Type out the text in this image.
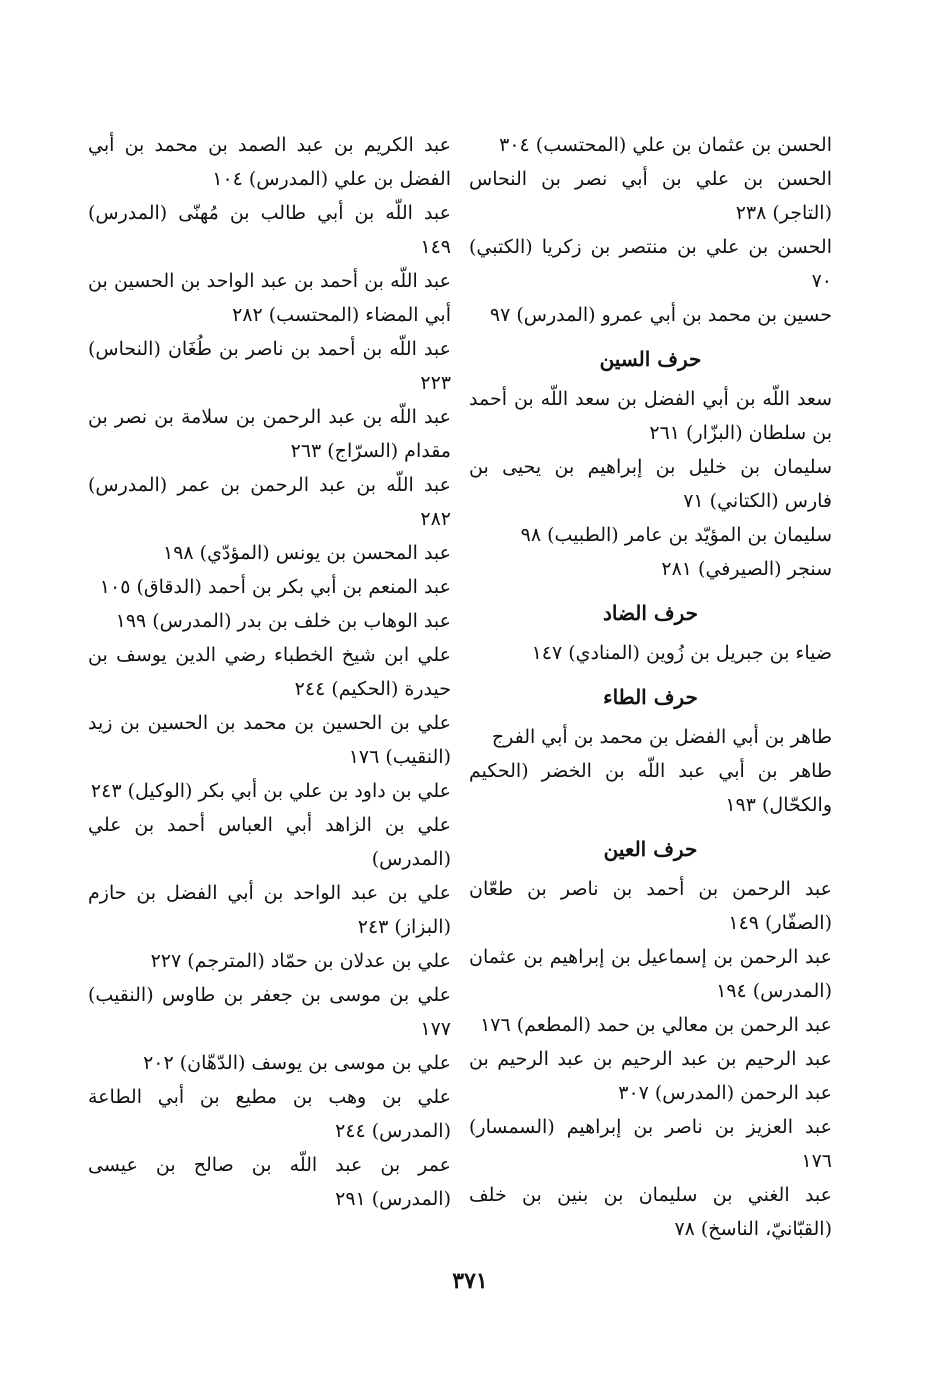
الحسن بن عثمان بن علي (المحتسب) ٣٠٤
الحسن بن علي بن أبي نصر بن النحاس (التاجر) ٢٣٨
الحسن بن علي بن منتصر بن زكريا (الكتبي) ٧٠
حسين بن محمد بن أبي عمرو (المدرس) ٩٧
حرف السين
سعد اللّه بن أبي الفضل بن سعد اللّه بن أحمد بن سلطان (البزّار) ٢٦١
سليمان بن خليل بن إبراهيم بن يحيى بن فارس (الكتاني) ٧١
سليمان بن المؤيّد بن عامر (الطبيب) ٩٨
سنجر (الصيرفي) ٢٨١
حرف الضاد
ضياء بن جبريل بن زُوين (المنادي) ١٤٧
حرف الطاء
طاهر بن أبي الفضل بن محمد بن أبي الفرج
طاهر بن أبي عبد اللّه بن الخضر (الحكيم والكحّال) ١٩٣
حرف العين
عبد الرحمن بن أحمد بن ناصر بن طعّان (الصفّار) ١٤٩
عبد الرحمن بن إسماعيل بن إبراهيم بن عثمان (المدرس) ١٩٤
عبد الرحمن بن معالي بن حمد (المطعم) ١٧٦
عبد الرحيم بن عبد الرحيم بن عبد الرحيم بن عبد الرحمن (المدرس) ٣٠٧
عبد العزيز بن ناصر بن إبراهيم (السمسار) ١٧٦
عبد الغني بن سليمان بن بنين بن خلف (القبّانيّ، الناسخ) ٧٨
عبد الكريم بن عبد الصمد بن محمد بن أبي الفضل بن علي (المدرس) ١٠٤
عبد اللّه بن أبي طالب بن مُهنّى (المدرس) ١٤٩
عبد اللّه بن أحمد بن عبد الواحد بن الحسين بن أبي المضاء (المحتسب) ٢٨٢
عبد اللّه بن أحمد بن ناصر بن طُغَان (النحاس) ٢٢٣
عبد اللّه بن عبد الرحمن بن سلامة بن نصر بن مقدام (السرّاج) ٢٦٣
عبد اللّه بن عبد الرحمن بن عمر (المدرس) ٢٨٢
عبد المحسن بن يونس (المؤدّي) ١٩٨
عبد المنعم بن أبي بكر بن أحمد (الدقاق) ١٠٥
عبد الوهاب بن خلف بن بدر (المدرس) ١٩٩
علي ابن شيخ الخطباء رضي الدين يوسف بن حيدرة (الحكيم) ٢٤٤
علي بن الحسين بن محمد بن الحسين بن زيد (النقيب) ١٧٦
علي بن داود بن علي بن أبي بكر (الوكيل) ٢٤٣
علي بن الزاهد أبي العباس أحمد بن علي (المدرس)
علي بن عبد الواحد بن أبي الفضل بن حازم (البزاز) ٢٤٣
علي بن عدلان بن حمّاد (المترجم) ٢٢٧
علي بن موسى بن جعفر بن طاوس (النقيب) ١٧٧
علي بن موسى بن يوسف (الدّهّان) ٢٠٢
علي بن وهب بن مطيع بن أبي الطاعة (المدرس) ٢٤٤
عمر بن عبد اللّه بن صالح بن عيسى (المدرس) ٢٩١
٣٧١
